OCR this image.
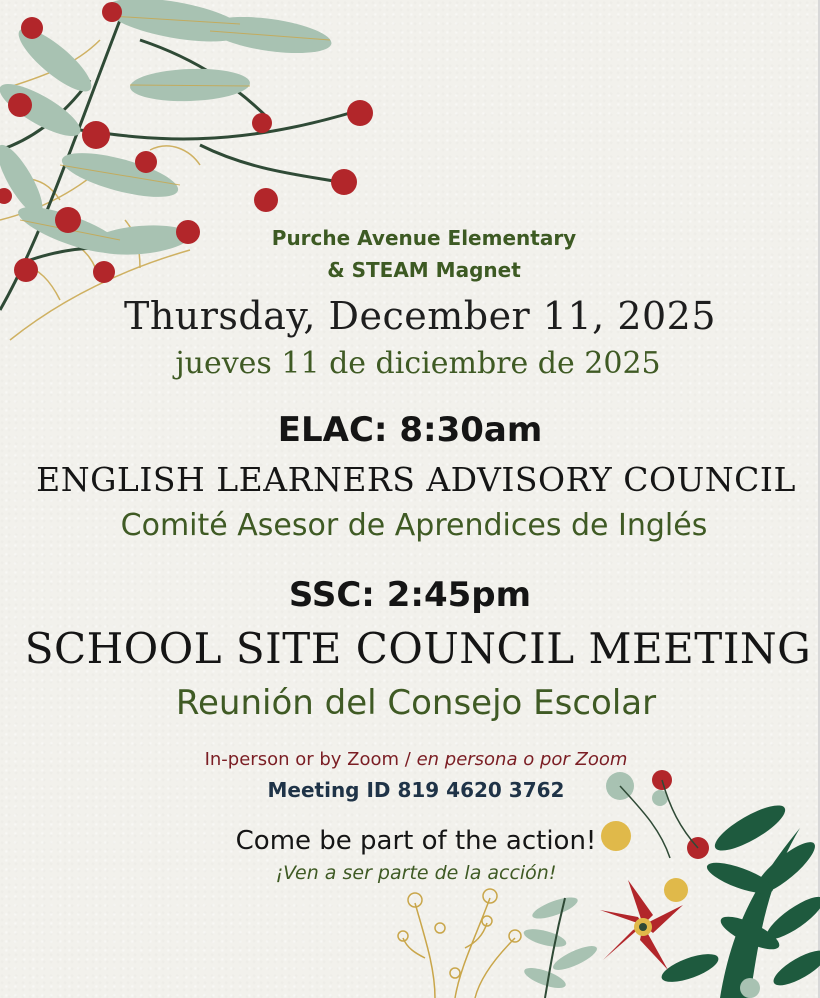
Purche Avenue Elementary
& STEAM Magnet
Thursday, December 11, 2025
jueves 11 de diciembre de 2025
ELAC: 8:30am
ENGLISH LEARNERS ADVISORY COUNCIL
Comité Asesor de Aprendices de Inglés
SSC: 2:45pm
SCHOOL SITE COUNCIL MEETING
Reunión del Consejo Escolar
In-person or by Zoom / en persona o por Zoom
Meeting ID 819 4620 3762
Come be part of the action!
¡Ven a ser parte de la acción!
